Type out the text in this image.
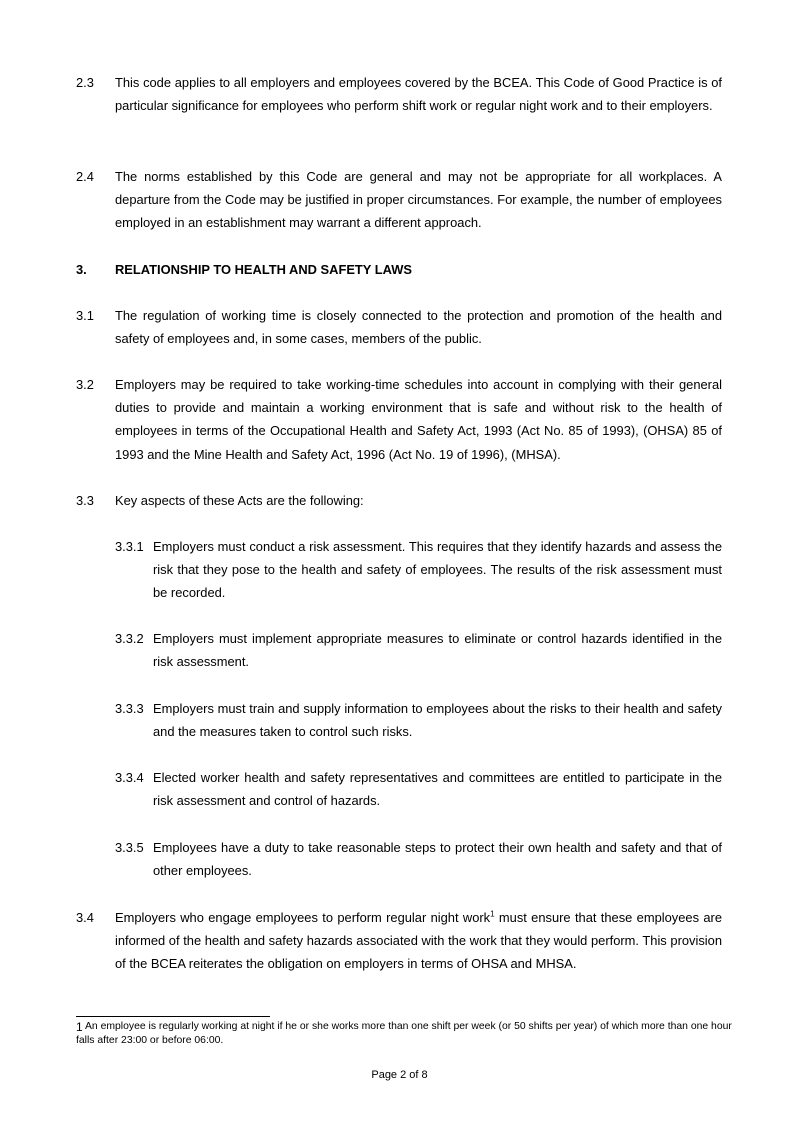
2.3 This code applies to all employers and employees covered by the BCEA. This Code of Good Practice is of particular significance for employees who perform shift work or regular night work and to their employers.
2.4 The norms established by this Code are general and may not be appropriate for all workplaces. A departure from the Code may be justified in proper circumstances. For example, the number of employees employed in an establishment may warrant a different approach.
3. RELATIONSHIP TO HEALTH AND SAFETY LAWS
3.1 The regulation of working time is closely connected to the protection and promotion of the health and safety of employees and, in some cases, members of the public.
3.2 Employers may be required to take working-time schedules into account in complying with their general duties to provide and maintain a working environment that is safe and without risk to the health of employees in terms of the Occupational Health and Safety Act, 1993 (Act No. 85 of 1993), (OHSA) 85 of 1993 and the Mine Health and Safety Act, 1996 (Act No. 19 of 1996), (MHSA).
3.3 Key aspects of these Acts are the following:
3.3.1 Employers must conduct a risk assessment. This requires that they identify hazards and assess the risk that they pose to the health and safety of employees. The results of the risk assessment must be recorded.
3.3.2 Employers must implement appropriate measures to eliminate or control hazards identified in the risk assessment.
3.3.3 Employers must train and supply information to employees about the risks to their health and safety and the measures taken to control such risks.
3.3.4 Elected worker health and safety representatives and committees are entitled to participate in the risk assessment and control of hazards.
3.3.5 Employees have a duty to take reasonable steps to protect their own health and safety and that of other employees.
3.4 Employers who engage employees to perform regular night work$^1$ must ensure that these employees are informed of the health and safety hazards associated with the work that they would perform. This provision of the BCEA reiterates the obligation on employers in terms of OHSA and MHSA.
1 An employee is regularly working at night if he or she works more than one shift per week (or 50 shifts per year) of which more than one hour falls after 23:00 or before 06:00.
Page 2 of 8
